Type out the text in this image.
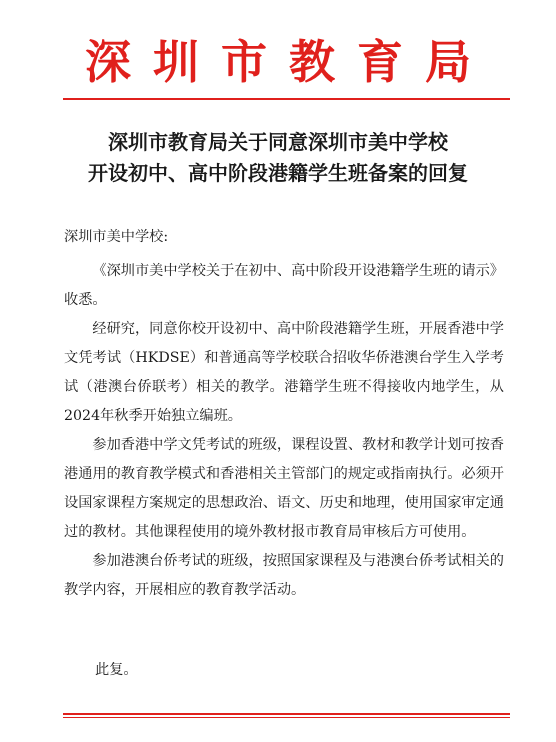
深圳市教育局
深圳市教育局关于同意深圳市美中学校
开设初中、高中阶段港籍学生班备案的回复
深圳市美中学校:

《深圳市美中学校关于在初中、高中阶段开设港籍学生班的请示》收悉。

经研究，同意你校开设初中、高中阶段港籍学生班，开展香港中学文凭考试（HKDSE）和普通高等学校联合招收华侨港澳台学生入学考试（港澳台侨联考）相关的教学。港籍学生班不得接收内地学生，从2024年秋季开始独立编班。

参加香港中学文凭考试的班级，课程设置、教材和教学计划可按香港通用的教育教学模式和香港相关主管部门的规定或指南执行。必须开设国家课程方案规定的思想政治、语文、历史和地理，使用国家审定通过的教材。其他课程使用的境外教材报市教育局审核后方可使用。

参加港澳台侨考试的班级，按照国家课程及与港澳台侨考试相关的教学内容，开展相应的教育教学活动。

此复。
